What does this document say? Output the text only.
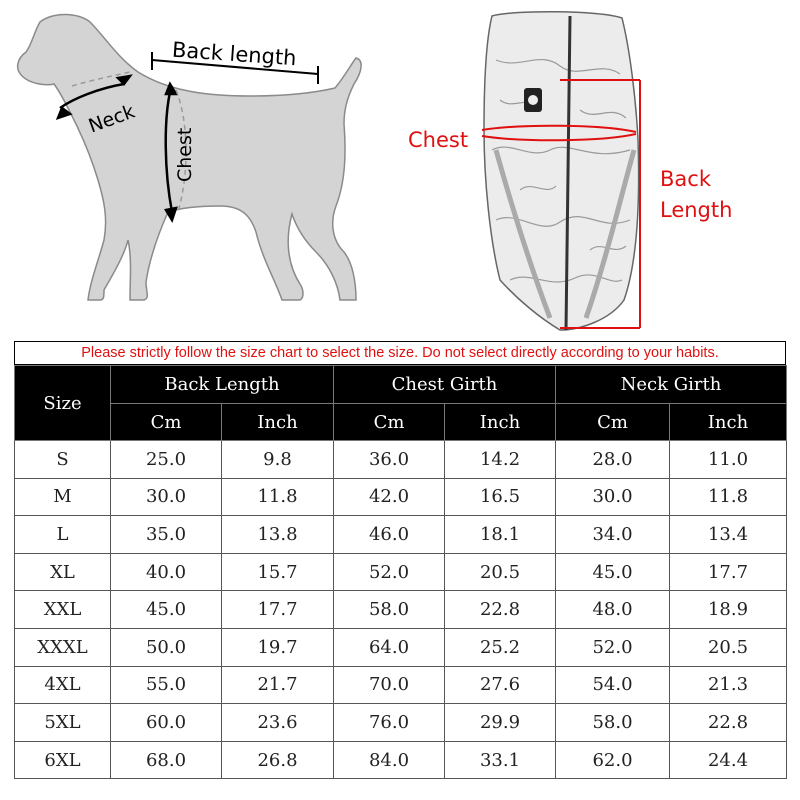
Back length
Neck
Chest	Chest
Back
Length
Please strictly follow the size chart to select the size. Do not select directly according to your habits.
Size	Back Length		Chest Girth		Neck Girth	
	Cm	Inch	Cm	Inch	Cm	Inch
S	25.0	9.8	36.0	14.2	28.0	11.0
M	30.0	11.8	42.0	16.5	30.0	11.8
L	35.0	13.8	46.0	18.1	34.0	13.4
XL	40.0	15.7	52.0	20.5	45.0	17.7
XXL	45.0	17.7	58.0	22.8	48.0	18.9
XXXL	50.0	19.7	64.0	25.2	52.0	20.5
4XL	55.0	21.7	70.0	27.6	54.0	21.3
5XL	60.0	23.6	76.0	29.9	58.0	22.8
6XL	68.0	26.8	84.0	33.1	62.0	24.4
